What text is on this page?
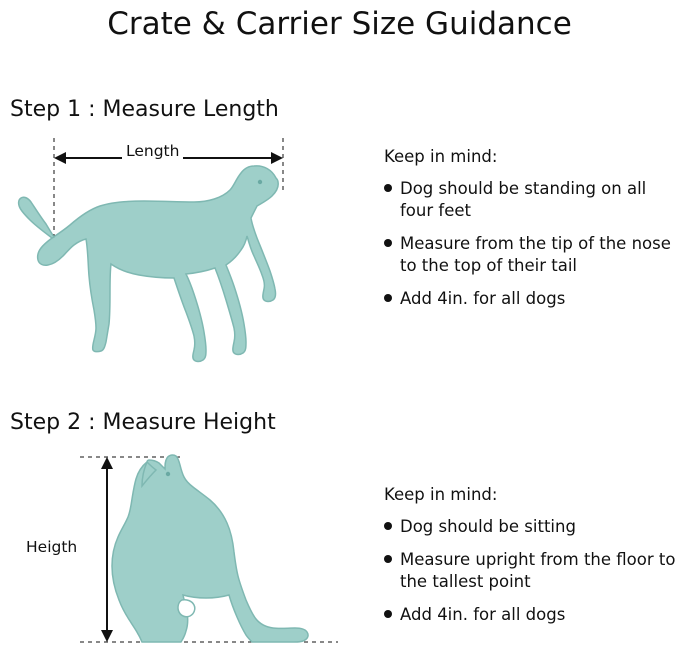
Crate & Carrier Size Guidance
Step 1 : Measure Length
Length	Keep in mind:

Dog should be standing on all four feet
Measure from the tip of the nose to the top of their tail
Add 4in. for all dogs
Step 2 : Measure Height
Heigth

Keep in mind:

Dog should be sitting
Measure upright from the floor to the tallest point
Add 4in. for all dogs
